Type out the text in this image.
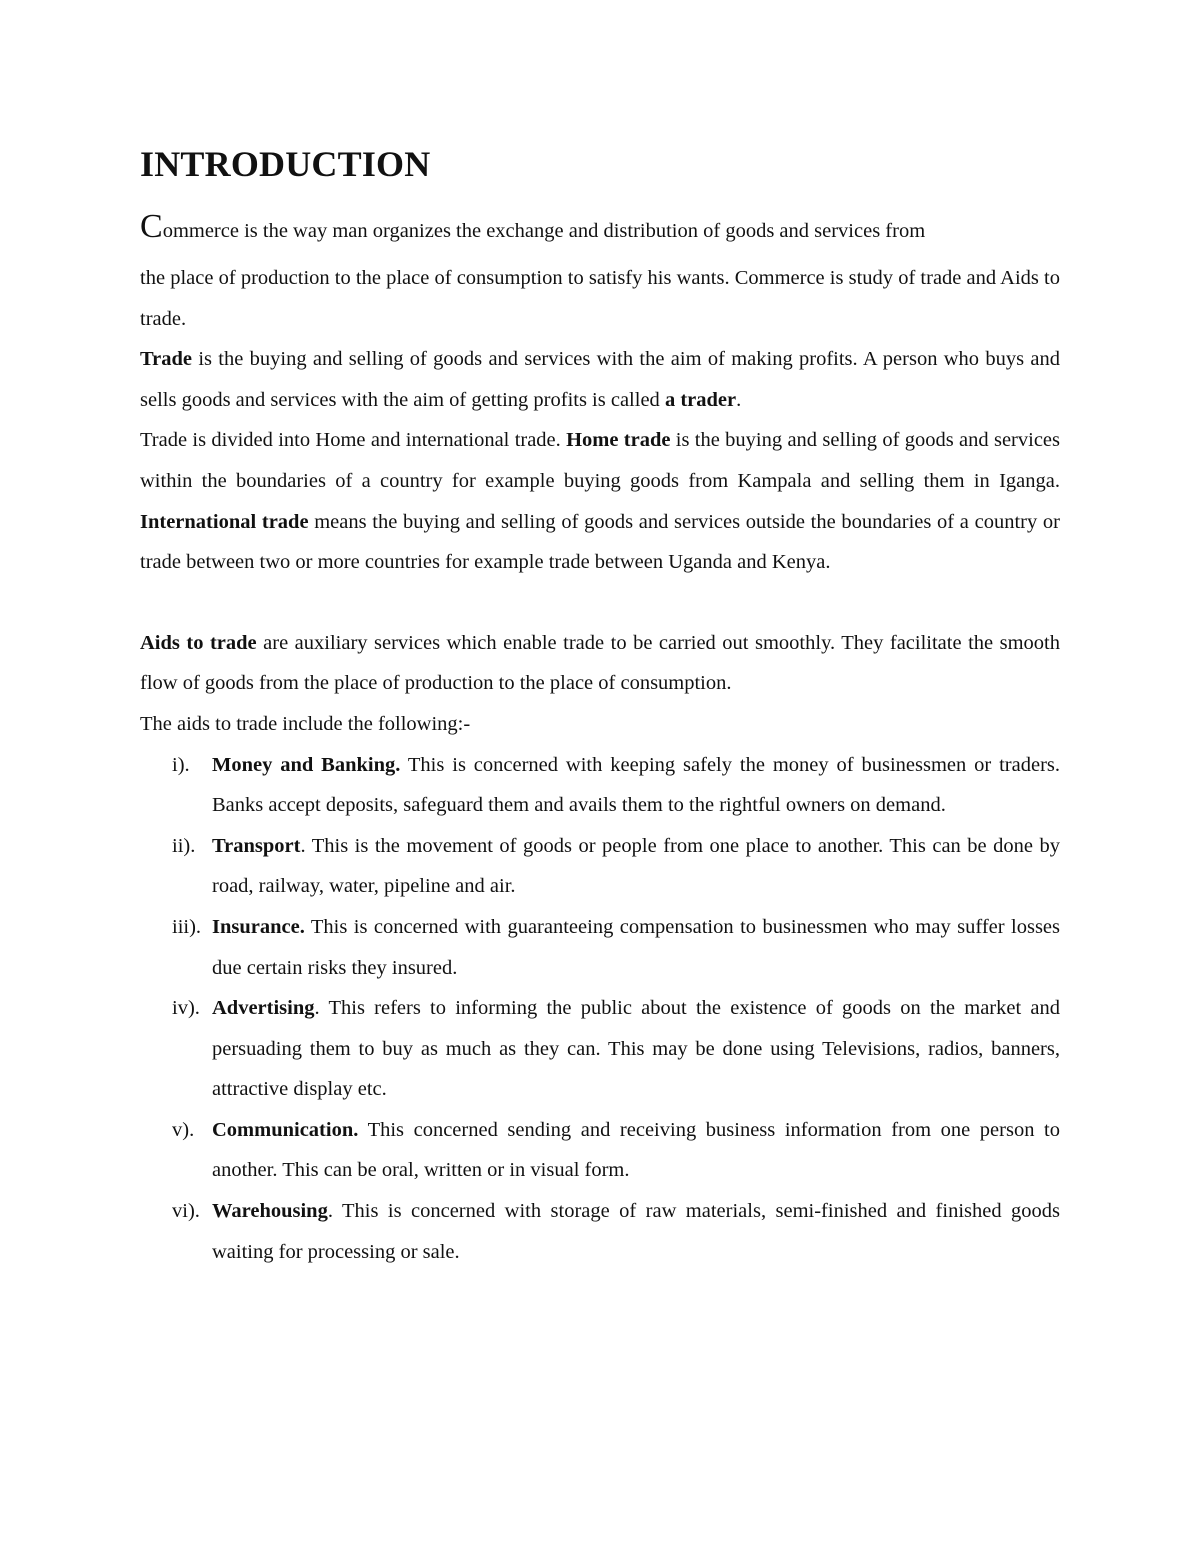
INTRODUCTION

Commerce is the way man organizes the exchange and distribution of goods and services from

the place of production to the place of consumption to satisfy his wants. Commerce is study of trade and Aids to trade.

Trade is the buying and selling of goods and services with the aim of making profits. A person who buys and sells goods and services with the aim of getting profits is called a trader.

Trade is divided into Home and international trade. Home trade is the buying and selling of goods and services within the boundaries of a country for example buying goods from Kampala and selling them in Iganga. International trade means the buying and selling of goods and services outside the boundaries of a country or trade between two or more countries for example trade between Uganda and Kenya.

Aids to trade are auxiliary services which enable trade to be carried out smoothly. They facilitate the smooth flow of goods from the place of production to the place of consumption.

The aids to trade include the following:-

i).	Money and Banking. This is concerned with keeping safely the money of businessmen or traders. Banks accept deposits, safeguard them and avails them to the rightful owners on demand.
ii). Transport. This is the movement of goods or people from one place to another. This can be done by road, railway, water, pipeline and air.
iii). Insurance. This is concerned with guaranteeing compensation to businessmen who may suffer losses due certain risks they insured.
iv). Advertising. This refers to informing the public about the existence of goods on the market and persuading them to buy as much as they can. This may be done using Televisions, radios, banners, attractive display etc.
v). Communication. This concerned sending and receiving business information from one person to another. This can be oral, written or in visual form.
vi). Warehousing. This is concerned with storage of raw materials, semi-finished and finished goods waiting for processing or sale.
